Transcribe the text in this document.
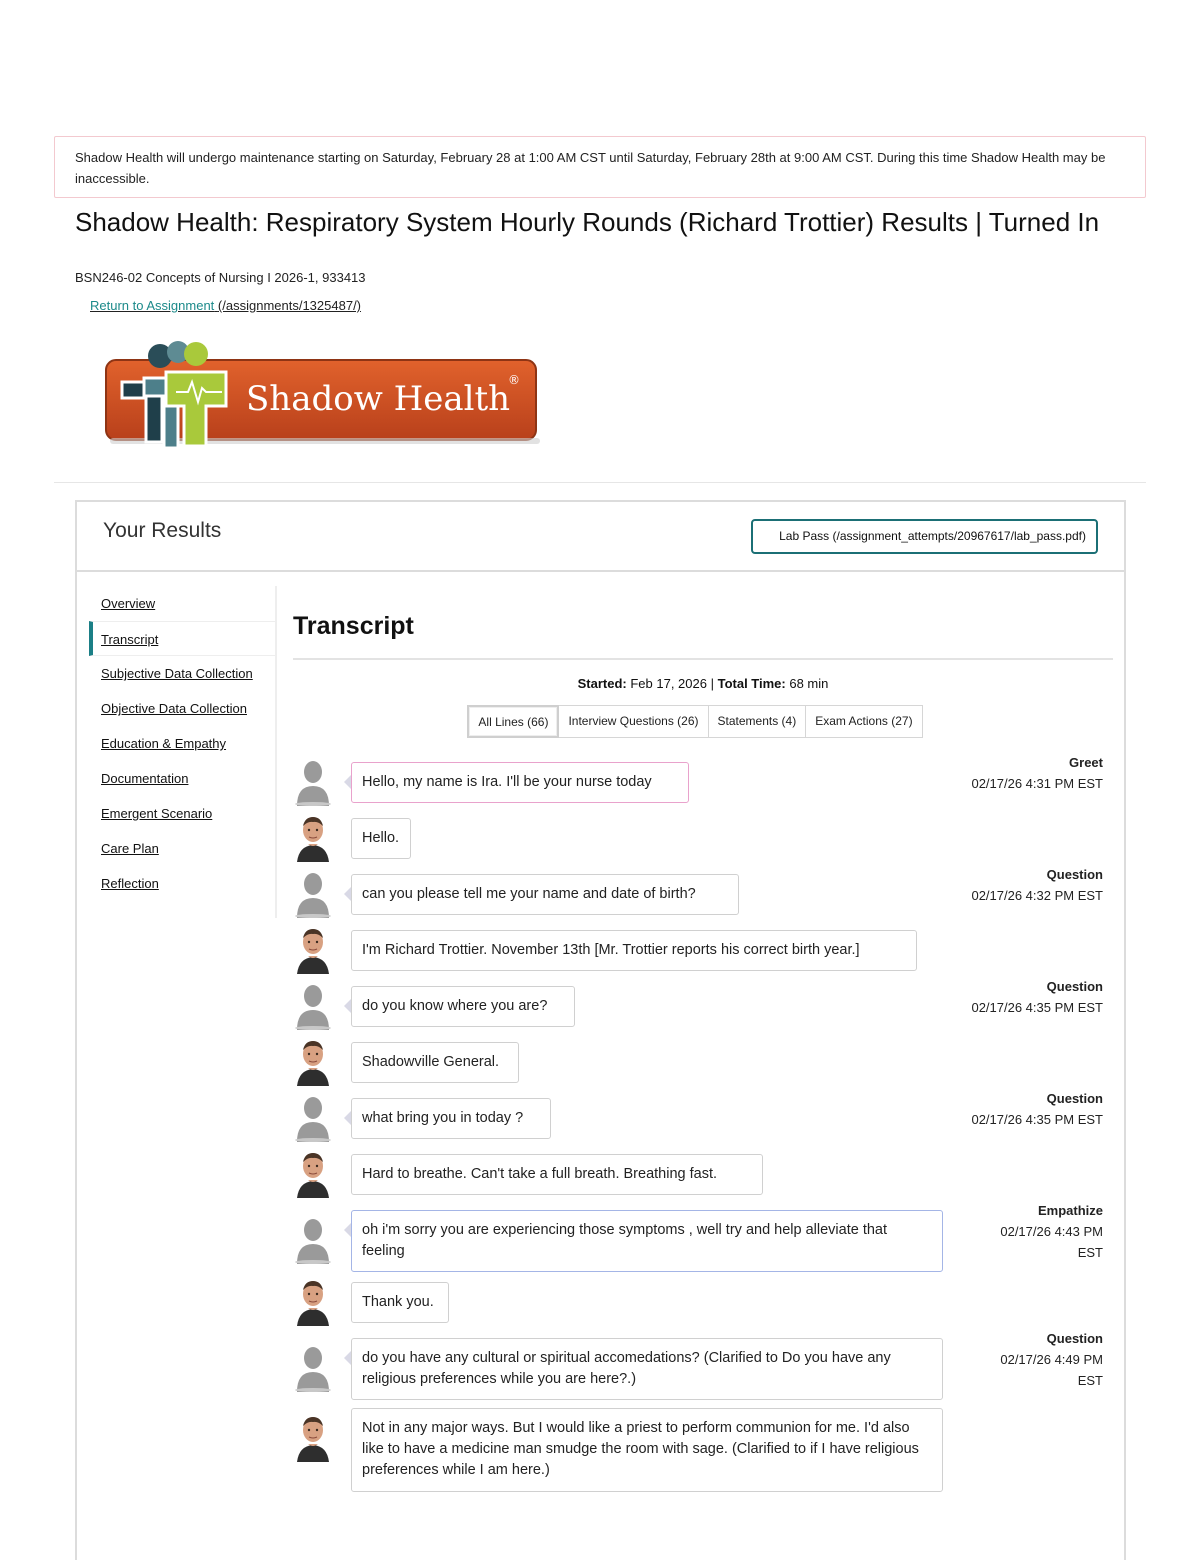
Shadow Health will undergo maintenance starting on Saturday, February 28 at 1:00 AM CST until Saturday, February 28th at 9:00 AM CST. During this time Shadow Health may be inaccessible.
Shadow Health: Respiratory System Hourly Rounds (Richard Trottier) Results | Turned In
BSN246-02 Concepts of Nursing I 2026-1, 933413
Return to Assignment (/assignments/1325487/)
Shadow Health
®
Your Results	Lab Pass (/assignment_attempts/20967617/lab_pass.pdf)
Overview
Transcript
Subjective Data Collection
Objective Data Collection
Education & Empathy
Documentation
Emergent Scenario
Care Plan
Reflection
Transcript
Started: Feb 17, 2026 | Total Time: 68 min
All Lines (66)	Interview Questions (26)	Statements (4)	Exam Actions (27)
Hello, my name is Ira. I'll be your nurse today
Greet
02/17/26 4:31 PM EST
Hello.
can you please tell me your name and date of birth?
Question
02/17/26 4:32 PM EST
I'm Richard Trottier. November 13th [Mr. Trottier reports his correct birth year.]
do you know where you are?
Question
02/17/26 4:35 PM EST
Shadowville General.
what bring you in today ?
Question
02/17/26 4:35 PM EST
Hard to breathe. Can't take a full breath. Breathing fast.
oh i'm sorry you are experiencing those symptoms , well try and help alleviate that feeling
Empathize
02/17/26 4:43 PM
EST
Thank you.
do you have any cultural or spiritual accomedations? (Clarified to Do you have any religious preferences while you are here?.)
Question
02/17/26 4:49 PM
EST
Not in any major ways. But I would like a priest to perform communion for me. I'd also like to have a medicine man smudge the room with sage. (Clarified to if I have religious preferences while I am here.)
